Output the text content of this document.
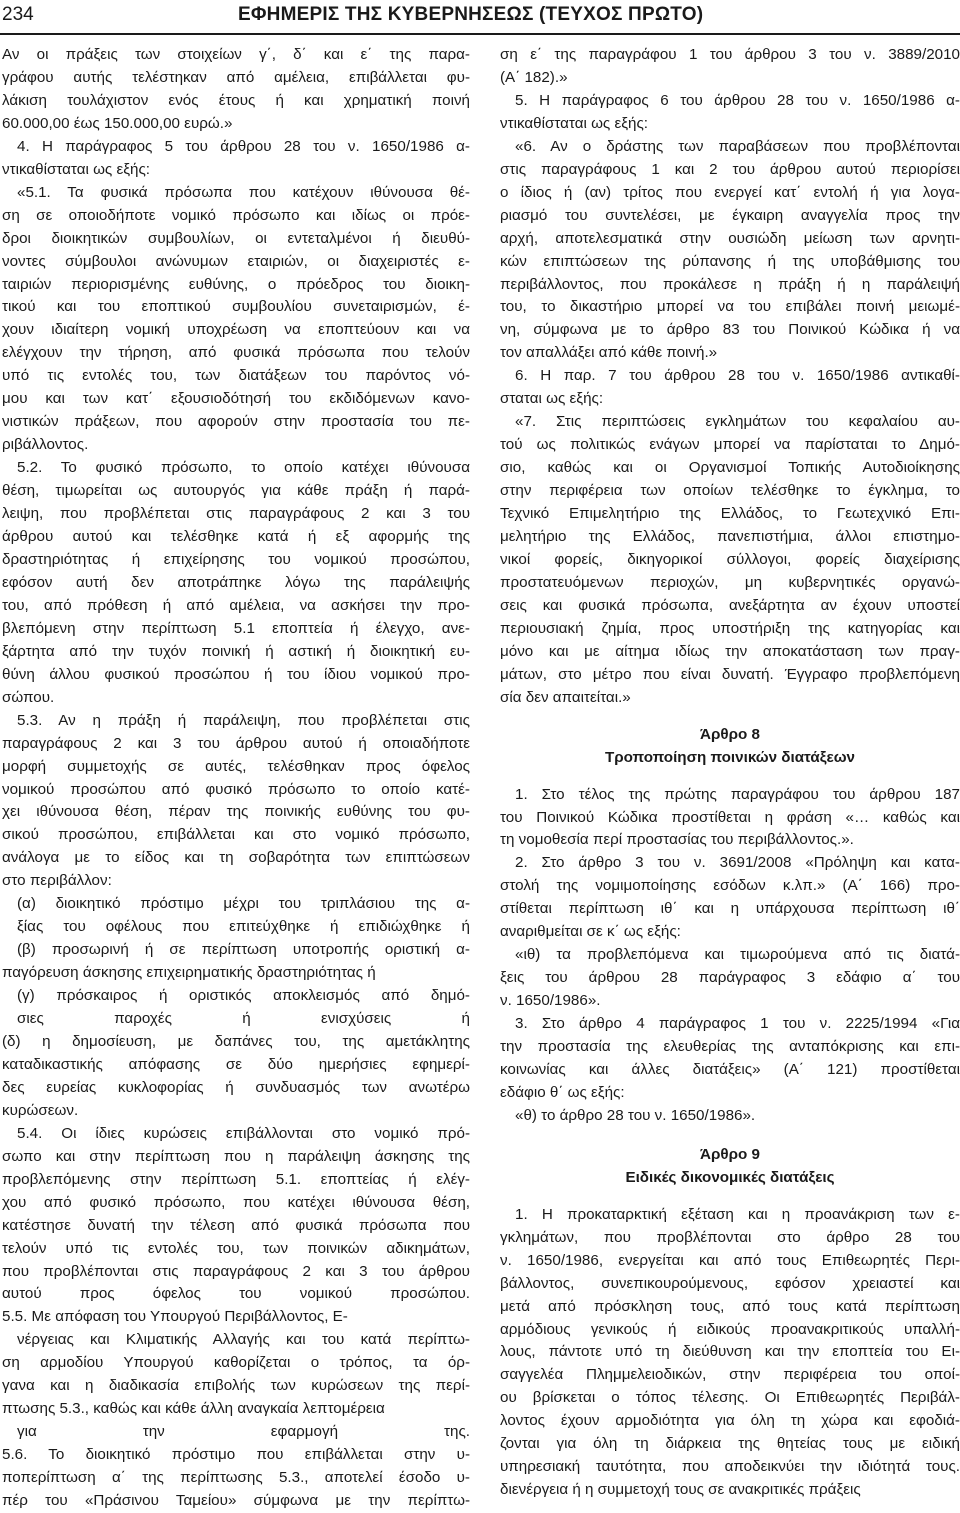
234	ΕΦΗΜΕΡΙΣ ΤΗΣ ΚΥΒΕΡΝΗΣΕΩΣ (ΤΕΥΧΟΣ ΠΡΩΤΟ)
Αν οι πράξεις των στοιχείων γ΄, δ΄ και ε΄ της παρα-
γράφου αυτής τελέστηκαν από αμέλεια, επιβάλλεται φυ-
λάκιση τουλάχιστον ενός έτους ή και χρηματική ποινή
60.000,00 έως 150.000,00 ευρώ.»
4. Η παράγραφος 5 του άρθρου 28 του ν. 1650/1986 α-
ντικαθίσταται ως εξής:
«5.1. Τα φυσικά πρόσωπα που κατέχουν ιθύνουσα θέ-
ση σε οποιοδήποτε νομικό πρόσωπο και ιδίως οι πρόε-
δροι διοικητικών συμβουλίων, οι εντεταλμένοι ή διευθύ-
νοντες σύμβουλοι ανώνυμων εταιριών, οι διαχειριστές ε-
ταιριών περιορισμένης ευθύνης, ο πρόεδρος του διοικη-
τικού και του εποπτικού συμβουλίου συνεταιρισμών, έ-
χουν ιδιαίτερη νομική υποχρέωση να εποπτεύουν και να
ελέγχουν την τήρηση, από φυσικά πρόσωπα που τελούν
υπό τις εντολές του, των διατάξεων του παρόντος νό-
μου και των κατ΄ εξουσιοδότησή του εκδιδόμενων κανο-
νιστικών πράξεων, που αφορούν στην προστασία του πε-
ριβάλλοντος.
5.2. Το φυσικό πρόσωπο, το οποίο κατέχει ιθύνουσα
θέση, τιμωρείται ως αυτουργός για κάθε πράξη ή παρά-
λειψη, που προβλέπεται στις παραγράφους 2 και 3 του
άρθρου αυτού και τελέσθηκε κατά ή εξ αφορμής της
δραστηριότητας ή επιχείρησης του νομικού προσώπου,
εφόσον αυτή δεν αποτράπηκε λόγω της παράλειψής
του, από πρόθεση ή από αμέλεια, να ασκήσει την προ-
βλεπόμενη στην περίπτωση 5.1 εποπτεία ή έλεγχο, ανε-
ξάρτητα από την τυχόν ποινική ή αστική ή διοικητική ευ-
θύνη άλλου φυσικού προσώπου ή του ίδιου νομικού προ-
σώπου.
5.3. Αν η πράξη ή παράλειψη, που προβλέπεται στις
παραγράφους 2 και 3 του άρθρου αυτού ή οποιαδήποτε
μορφή συμμετοχής σε αυτές, τελέσθηκαν προς όφελος
νομικού προσώπου από φυσικό πρόσωπο το οποίο κατέ-
χει ιθύνουσα θέση, πέραν της ποινικής ευθύνης του φυ-
σικού προσώπου, επιβάλλεται και στο νομικό πρόσωπο,
ανάλογα με το είδος και τη σοβαρότητα των επιπτώσεων
στο περιβάλλον:
(α) διοικητικό πρόστιμο μέχρι του τριπλάσιου της α-
ξίας του οφέλους που επιτεύχθηκε ή επιδιώχθηκε ή
(β) προσωρινή ή σε περίπτωση υποτροπής οριστική α-
παγόρευση άσκησης επιχειρηματικής δραστηριότητας ή
(γ) πρόσκαιρος ή οριστικός αποκλεισμός από δημό-
σιες παροχές ή ενισχύσεις ή
(δ) η δημοσίευση, με δαπάνες του, της αμετάκλητης
καταδικαστικής απόφασης σε δύο ημερήσιες εφημερί-
δες ευρείας κυκλοφορίας ή συνδυασμός των ανωτέρω
κυρώσεων.
5.4. Οι ίδιες κυρώσεις επιβάλλονται στο νομικό πρό-
σωπο και στην περίπτωση που η παράλειψη άσκησης της
προβλεπόμενης στην περίπτωση 5.1. εποπτείας ή ελέγ-
χου από φυσικό πρόσωπο, που κατέχει ιθύνουσα θέση,
κατέστησε δυνατή την τέλεση από φυσικά πρόσωπα που
τελούν υπό τις εντολές του, των ποινικών αδικημάτων,
που προβλέπονται στις παραγράφους 2 και 3 του άρθρου
αυτού προς όφελος του νομικού προσώπου.
5.5. Με απόφαση του Υπουργού Περιβάλλοντος, Ε-
νέργειας και Κλιματικής Αλλαγής και του κατά περίπτω-
ση αρμοδίου Υπουργού καθορίζεται ο τρόπος, τα όρ-
γανα και η διαδικασία επιβολής των κυρώσεων της περί-
πτωσης 5.3., καθώς και κάθε άλλη αναγκαία λεπτομέρεια
για την εφαρμογή της.
5.6. Το διοικητικό πρόστιμο που επιβάλλεται στην υ-
ποπερίπτωση α΄ της περίπτωσης 5.3., αποτελεί έσοδο υ-
πέρ του «Πράσινου Ταμείου» σύμφωνα με την περίπτω-
ση ε΄ της παραγράφου 1 του άρθρου 3 του ν. 3889/2010
(Α΄ 182).»
5. Η παράγραφος 6 του άρθρου 28 του ν. 1650/1986 α-
ντικαθίσταται ως εξής:
«6. Αν ο δράστης των παραβάσεων που προβλέπονται
στις παραγράφους 1 και 2 του άρθρου αυτού περιορίσει
ο ίδιος ή (αν) τρίτος που ενεργεί κατ΄ εντολή ή για λογα-
ριασμό του συντελέσει, με έγκαιρη αναγγελία προς την
αρχή, αποτελεσματικά στην ουσιώδη μείωση των αρνητι-
κών επιπτώσεων της ρύπανσης ή της υποβάθμισης του
περιβάλλοντος, που προκάλεσε η πράξη ή η παράλειψή
του, το δικαστήριο μπορεί να του επιβάλει ποινή μειωμέ-
νη, σύμφωνα με το άρθρο 83 του Ποινικού Κώδικα ή να
τον απαλλάξει από κάθε ποινή.»
6. Η παρ. 7 του άρθρου 28 του ν. 1650/1986 αντικαθί-
σταται ως εξής:
«7. Στις περιπτώσεις εγκλημάτων του κεφαλαίου αυ-
τού ως πολιτικώς ενάγων μπορεί να παρίσταται το Δημό-
σιο, καθώς και οι Οργανισμοί Τοπικής Αυτοδιοίκησης
στην περιφέρεια των οποίων τελέσθηκε το έγκλημα, το
Τεχνικό Επιμελητήριο της Ελλάδος, το Γεωτεχνικό Επι-
μελητήριο της Ελλάδος, πανεπιστήμια, άλλοι επιστημο-
νικοί φορείς, δικηγορικοί σύλλογοι, φορείς διαχείρισης
προστατευόμενων περιοχών, μη κυβερνητικές οργανώ-
σεις και φυσικά πρόσωπα, ανεξάρτητα αν έχουν υποστεί
περιουσιακή ζημία, προς υποστήριξη της κατηγορίας και
μόνο και με αίτημα ιδίως την αποκατάσταση των πραγ-
μάτων, στο μέτρο που είναι δυνατή. Έγγραφο προβλεπόμενη
σία δεν απαιτείται.»
Άρθρο 8
Τροποποίηση ποινικών διατάξεων
1. Στο τέλος της πρώτης παραγράφου του άρθρου 187
του Ποινικού Κώδικα προστίθεται η φράση «… καθώς και
τη νομοθεσία περί προστασίας του περιβάλλοντος.».
2. Στο άρθρο 3 του ν. 3691/2008 «Πρόληψη και κατα-
στολή της νομιμοποίησης εσόδων κ.λπ.» (Α΄ 166) προ-
στίθεται περίπτωση ιθ΄ και η υπάρχουσα περίπτωση ιθ΄
αναριθμείται σε κ΄ ως εξής:
«ιθ) τα προβλεπόμενα και τιμωρούμενα από τις διατά-
ξεις του άρθρου 28 παράγραφος 3 εδάφιο α΄ του
ν. 1650/1986».
3. Στο άρθρο 4 παράγραφος 1 του ν. 2225/1994 «Για
την προστασία της ελευθερίας της ανταπόκρισης και επι-
κοινωνίας και άλλες διατάξεις» (Α΄ 121) προστίθεται
εδάφιο θ΄ ως εξής:
«θ) το άρθρο 28 του ν. 1650/1986».
Άρθρο 9
Ειδικές δικονομικές διατάξεις
1. Η προκαταρκτική εξέταση και η προανάκριση των ε-
γκλημάτων, που προβλέπονται στο άρθρο 28 του
ν. 1650/1986, ενεργείται και από τους Επιθεωρητές Περι-
βάλλοντος, συνεπικουρούμενους, εφόσον χρειαστεί και
μετά από πρόσκληση τους, από τους κατά περίπτωση
αρμόδιους γενικούς ή ειδικούς προανακριτικούς υπαλλή-
λους, πάντοτε υπό τη διεύθυνση και την εποπτεία του Ει-
σαγγελέα Πλημμελειοδικών, στην περιφέρεια του οποί-
ου βρίσκεται ο τόπος τέλεσης. Οι Επιθεωρητές Περιβάλ-
λοντος έχουν αρμοδιότητα για όλη τη χώρα και εφοδιά-
ζονται για όλη τη διάρκεια της θητείας τους με ειδική
υπηρεσιακή ταυτότητα, που αποδεικνύει την ιδιότητά τους.
διενέργεια ή η συμμετοχή τους σε ανακριτικές πράξεις
